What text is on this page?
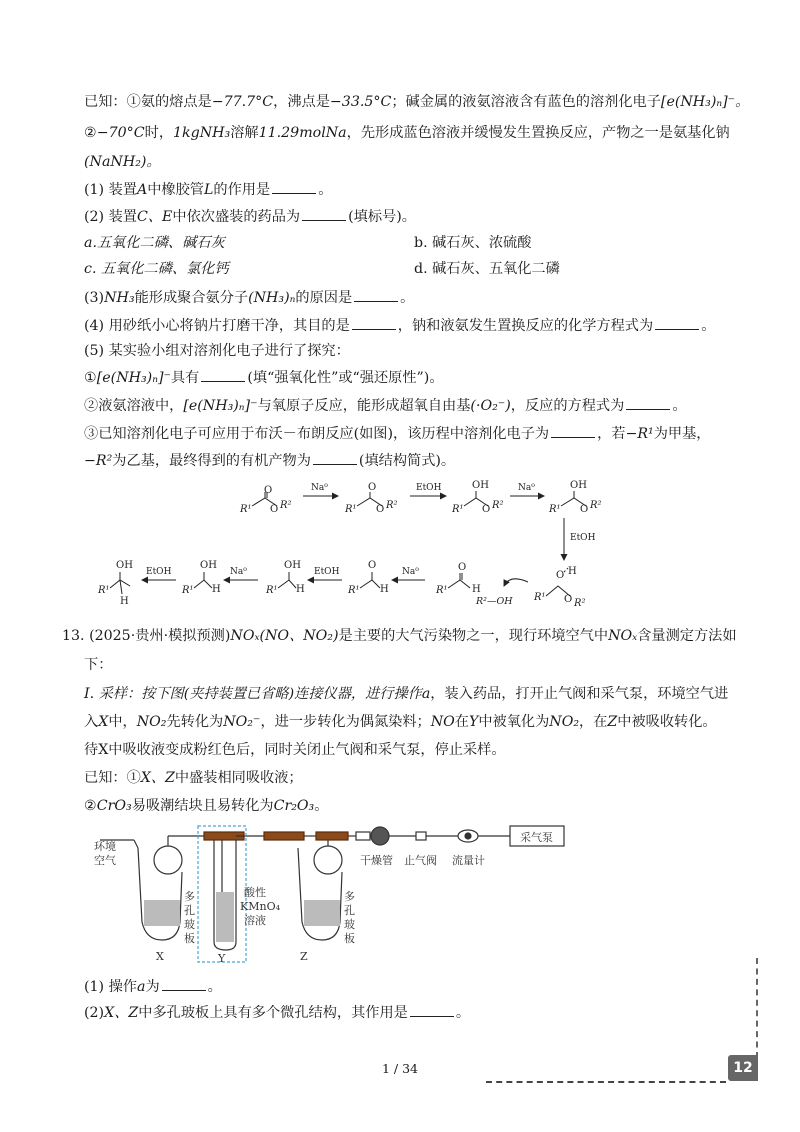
已知：①氨的熔点是−77.7°C，沸点是−33.5°C；碱金属的液氨溶液含有蓝色的溶剂化电子[e(NH₃)ₙ]⁻。
②−70°C时，1kgNH₃溶解11.29molNa，先形成蓝色溶液并缓慢发生置换反应，产物之一是氨基化钠
(NaNH₂)。
(1) 装置A中橡胶管L的作用是	。
(2) 装置C、E中依次盛装的药品为	(填标号)。
a.五氧化二磷、碱石灰	b. 碱石灰、浓硫酸
c. 五氧化二磷、氯化钙	d. 碱石灰、五氧化二磷
(3)NH₃能形成聚合氨分子(NH₃)ₙ的原因是	。
(4) 用砂纸小心将钠片打磨干净，其目的是	，钠和液氨发生置换反应的化学方程式为	。
(5) 某实验小组对溶剂化电子进行了探究：
①[e(NH₃)ₙ]⁻具有	(填“强氧化性”或“强还原性”)。
②液氨溶液中，[e(NH₃)ₙ]⁻与氧原子反应，能形成超氧自由基(·O₂⁻)，反应的方程式为	。
③已知溶剂化电子可应用于布沃－布朗反应(如图)，该历程中溶剂化电子为	，若−R¹为甲基，
−R²为乙基，最终得到的有机产物为	(填结构简式)。
R¹
O
O R²
Na⁰
R¹
O
O R²
EtOH
R¹
OH
O R²
Na⁰
R¹
OH
O R²
EtOH
O H
R¹ O R²
R²—OH
R¹
O
H
Na⁰
R¹
O
H
EtOH
R¹
OH
H
Na⁰
R¹
OH
H
EtOH
R¹
OH
H
13. (2025·贵州·模拟预测)NOₓ(NO、NO₂)是主要的大气污染物之一，现行环境空气中NOₓ含量测定方法如
下：
I. 采样：按下图(夹持装置已省略)连接仪器，进行操作a，装入药品，打开止气阀和采气泵，环境空气进
入X中，NO₂先转化为NO₂⁻，进一步转化为偶氮染料；NO在Y中被氧化为NO₂，在Z中被吸收转化。
待X中吸收液变成粉红色后，同时关闭止气阀和采气泵，停止采样。
已知：①X、Z中盛装相同吸收液；
②CrO₃易吸潮结块且易转化为Cr₂O₃。
环境
空气
多
孔
玻
板
酸性
KMnO₄
溶液
多
孔
玻
板
X	Y	Z
干燥管 止气阀 流量计
采气泵
(1) 操作a为	。
(2)X、Z中多孔玻板上具有多个微孔结构，其作用是	。
1 / 34	12
